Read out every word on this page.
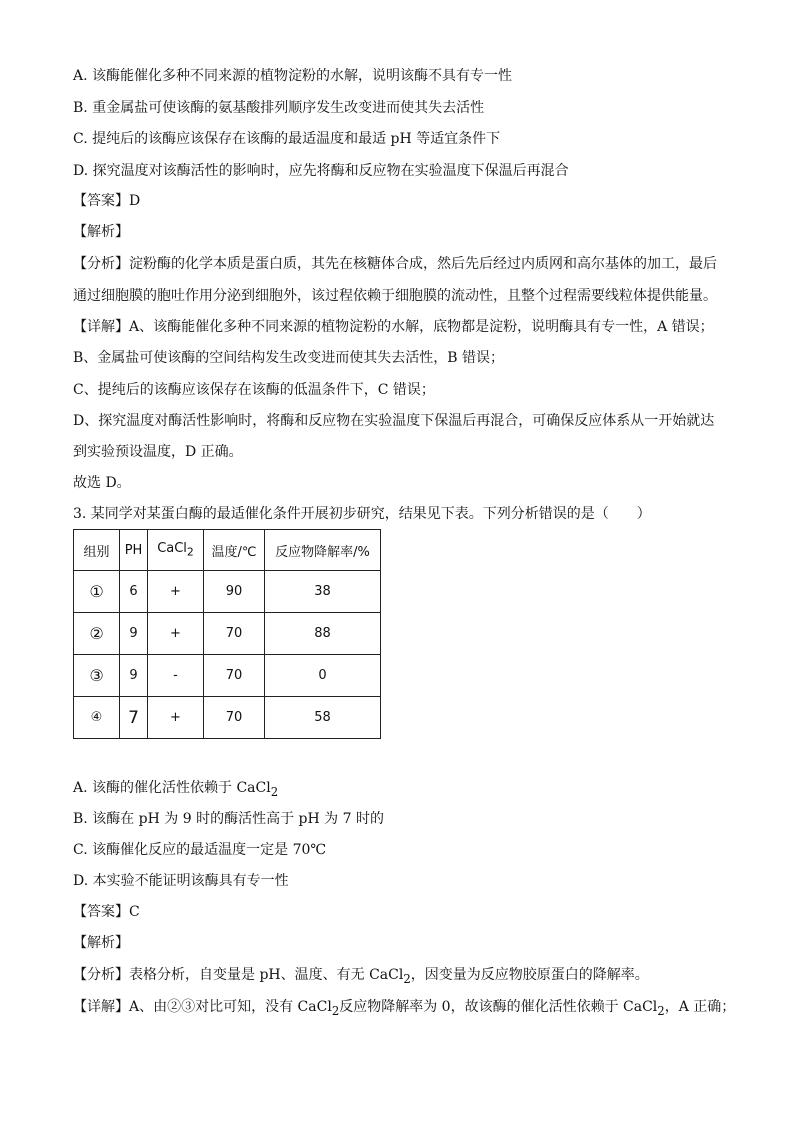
A. 该酶能催化多种不同来源的植物淀粉的水解，说明该酶不具有专一性
B. 重金属盐可使该酶的氨基酸排列顺序发生改变进而使其失去活性
C. 提纯后的该酶应该保存在该酶的最适温度和最适 pH 等适宜条件下
D. 探究温度对该酶活性的影响时，应先将酶和反应物在实验温度下保温后再混合
【答案】D
【解析】
【分析】淀粉酶的化学本质是蛋白质，其先在核糖体合成，然后先后经过内质网和高尔基体的加工，最后
通过细胞膜的胞吐作用分泌到细胞外，该过程依赖于细胞膜的流动性，且整个过程需要线粒体提供能量。
【详解】A、该酶能催化多种不同来源的植物淀粉的水解，底物都是淀粉，说明酶具有专一性，A 错误；
B、金属盐可使该酶的空间结构发生改变进而使其失去活性，B 错误；
C、提纯后的该酶应该保存在该酶的低温条件下，C 错误；
D、探究温度对酶活性影响时，将酶和反应物在实验温度下保温后再混合，可确保反应体系从一开始就达
到实验预设温度，D 正确。
故选 D。
3. 某同学对某蛋白酶的最适催化条件开展初步研究，结果见下表。下列分析错误的是（　　）
组别	PH	CaCl$_2$	温度/℃	反应物降解率/%
①	6	+	90	38
②	9	+	70	88
③	9	-	70	0
④	7	+	70	58
A. 该酶的催化活性依赖于 CaCl$_2$
B. 该酶在 pH 为 9 时的酶活性高于 pH 为 7 时的
C. 该酶催化反应的最适温度一定是 70℃
D. 本实验不能证明该酶具有专一性
【答案】C
【解析】
【分析】表格分析，自变量是 pH、温度、有无 CaCl$_2$，因变量为反应物胶原蛋白的降解率。
【详解】A、由②③对比可知，没有 CaCl$_2$反应物降解率为 0，故该酶的催化活性依赖于 CaCl$_2$，A 正确；
